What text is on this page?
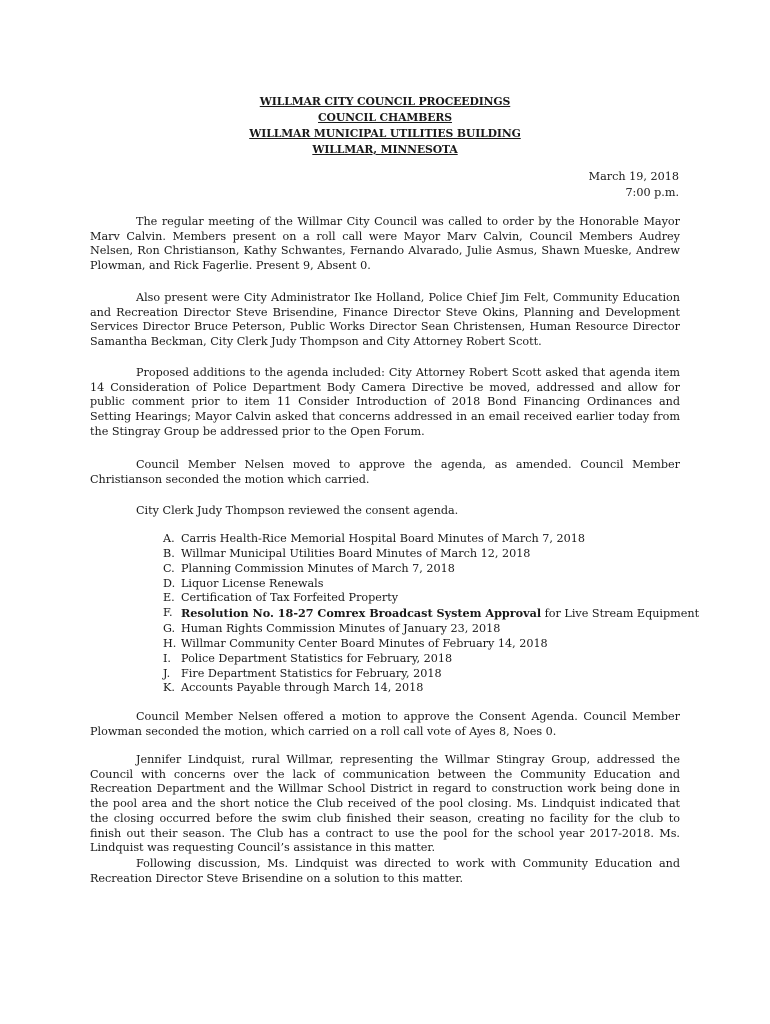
WILLMAR CITY COUNCIL PROCEEDINGS
COUNCIL CHAMBERS
WILLMAR MUNICIPAL UTILITIES BUILDING
WILLMAR, MINNESOTA
March 19, 2018
7:00 p.m.
The regular meeting of the Willmar City Council was called to order by the Honorable Mayor Marv Calvin. Members present on a roll call were Mayor Marv Calvin, Council Members Audrey Nelsen, Ron Christianson, Kathy Schwantes, Fernando Alvarado, Julie Asmus, Shawn Mueske, Andrew Plowman, and Rick Fagerlie. Present 9, Absent 0.
Also present were City Administrator Ike Holland, Police Chief Jim Felt, Community Education and Recreation Director Steve Brisendine, Finance Director Steve Okins, Planning and Development Services Director Bruce Peterson, Public Works Director Sean Christensen, Human Resource Director Samantha Beckman, City Clerk Judy Thompson and City Attorney Robert Scott.
Proposed additions to the agenda included: City Attorney Robert Scott asked that agenda item 14 Consideration of Police Department Body Camera Directive be moved, addressed and allow for public comment prior to item 11 Consider Introduction of 2018 Bond Financing Ordinances and Setting Hearings; Mayor Calvin asked that concerns addressed in an email received earlier today from the Stingray Group be addressed prior to the Open Forum.
Council Member Nelsen moved to approve the agenda, as amended. Council Member Christianson seconded the motion which carried.
City Clerk Judy Thompson reviewed the consent agenda.
A. Carris Health-Rice Memorial Hospital Board Minutes of March 7, 2018
B. Willmar Municipal Utilities Board Minutes of March 12, 2018
C. Planning Commission Minutes of March 7, 2018
D. Liquor License Renewals
E. Certification of Tax Forfeited Property
F. Resolution No. 18-27 Comrex Broadcast System Approval for Live Stream Equipment
G. Human Rights Commission Minutes of January 23, 2018
H. Willmar Community Center Board Minutes of February 14, 2018
I. Police Department Statistics for February, 2018
J. Fire Department Statistics for February, 2018
K. Accounts Payable through March 14, 2018
Council Member Nelsen offered a motion to approve the Consent Agenda. Council Member Plowman seconded the motion, which carried on a roll call vote of Ayes 8, Noes 0.
Jennifer Lindquist, rural Willmar, representing the Willmar Stingray Group, addressed the Council with concerns over the lack of communication between the Community Education and Recreation Department and the Willmar School District in regard to construction work being done in the pool area and the short notice the Club received of the pool closing. Ms. Lindquist indicated that the closing occurred before the swim club finished their season, creating no facility for the club to finish out their season. The Club has a contract to use the pool for the school year 2017-2018. Ms. Lindquist was requesting Council’s assistance in this matter.
Following discussion, Ms. Lindquist was directed to work with Community Education and Recreation Director Steve Brisendine on a solution to this matter.
